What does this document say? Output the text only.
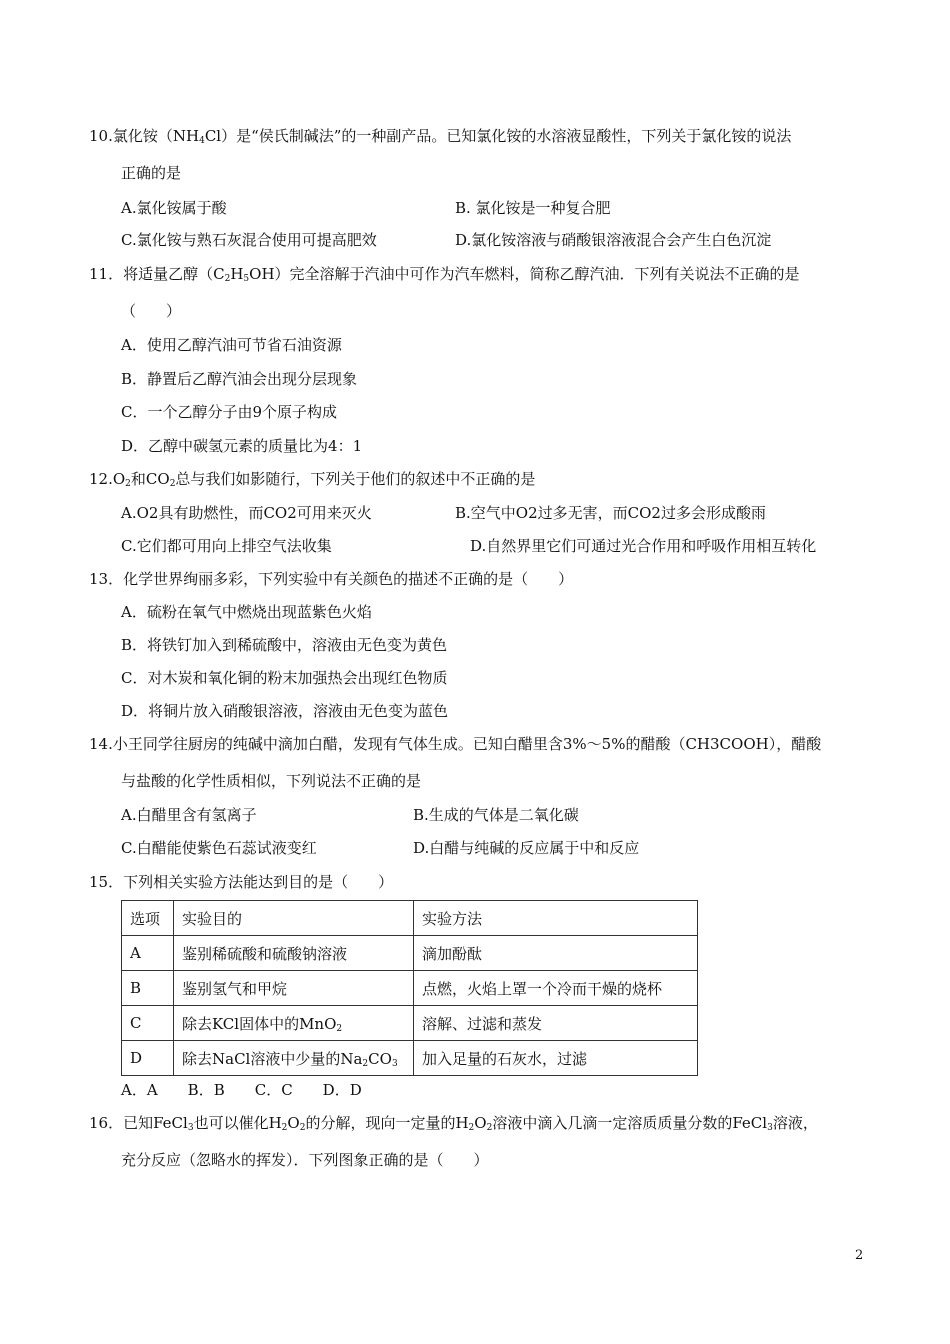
10.氯化铵$(NH_4Cl)$是“侯氏制碱法”的一种副产品。已知氯化铵的水溶液显酸性，下列关于氯化铵的说法
正确的是
A.氯化铵属于酸	B. 氯化铵是一种复合肥
C.氯化铵与熟石灰混合使用可提高肥效	D.氯化铵溶液与硝酸银溶液混合会产生白色沉淀
11．将适量乙醇$(C_2H_5OH)$完全溶解于汽油中可作为汽车燃料，简称乙醇汽油．下列有关说法不正确的是
（　　）
A．使用乙醇汽油可节省石油资源
B．静置后乙醇汽油会出现分层现象
C．一个乙醇分子由9个原子构成
D．乙醇中碳氢元素的质量比为4：1
$12.O_2$和$CO_2$总与我们如影随行，下列关于他们的叙述中不正确的是
A.O2具有助燃性，而CO2可用来灭火	B.空气中O2过多无害，而CO2过多会形成酸雨
C.它们都可用向上排空气法收集	D.自然界里它们可通过光合作用和呼吸作用相互转化
13．化学世界绚丽多彩，下列实验中有关颜色的描述不正确的是（　　）
A．硫粉在氧气中燃烧出现蓝紫色火焰
B．将铁钉加入到稀硫酸中，溶液由无色变为黄色
C．对木炭和氧化铜的粉末加强热会出现红色物质
D．将铜片放入硝酸银溶液，溶液由无色变为蓝色
14.小王同学往厨房的纯碱中滴加白醋，发现有气体生成。已知白醋里含3%～5%的醋酸（CH3COOH），醋酸
与盐酸的化学性质相似，下列说法不正确的是
A.白醋里含有氢离子	B.生成的气体是二氧化碳
C.白醋能使紫色石蕊试液变红	D.白醋与纯碱的反应属于中和反应
15．下列相关实验方法能达到目的是（　　）
选项	实验目的	实验方法
A	鉴别稀硫酸和硫酸钠溶液	滴加酚酞
B	鉴别氢气和甲烷	点燃，火焰上罩一个冷而干燥的烧杯
C	除去KCl固体中的MnO$_2$	溶解、过滤和蒸发
D	除去NaCl溶液中少量的$Na_2CO_3$	加入足量的石灰水，过滤
A．A　　B．B　　C．C　　D．D
16．已知FeCl$_3$也可以催化$H_2O_2$的分解，现向一定量的$H_2O_2$溶液中滴入几滴一定溶质质量分数的FeCl$_3$溶液，
充分反应（忽略水的挥发）．下列图象正确的是（　　）
2
